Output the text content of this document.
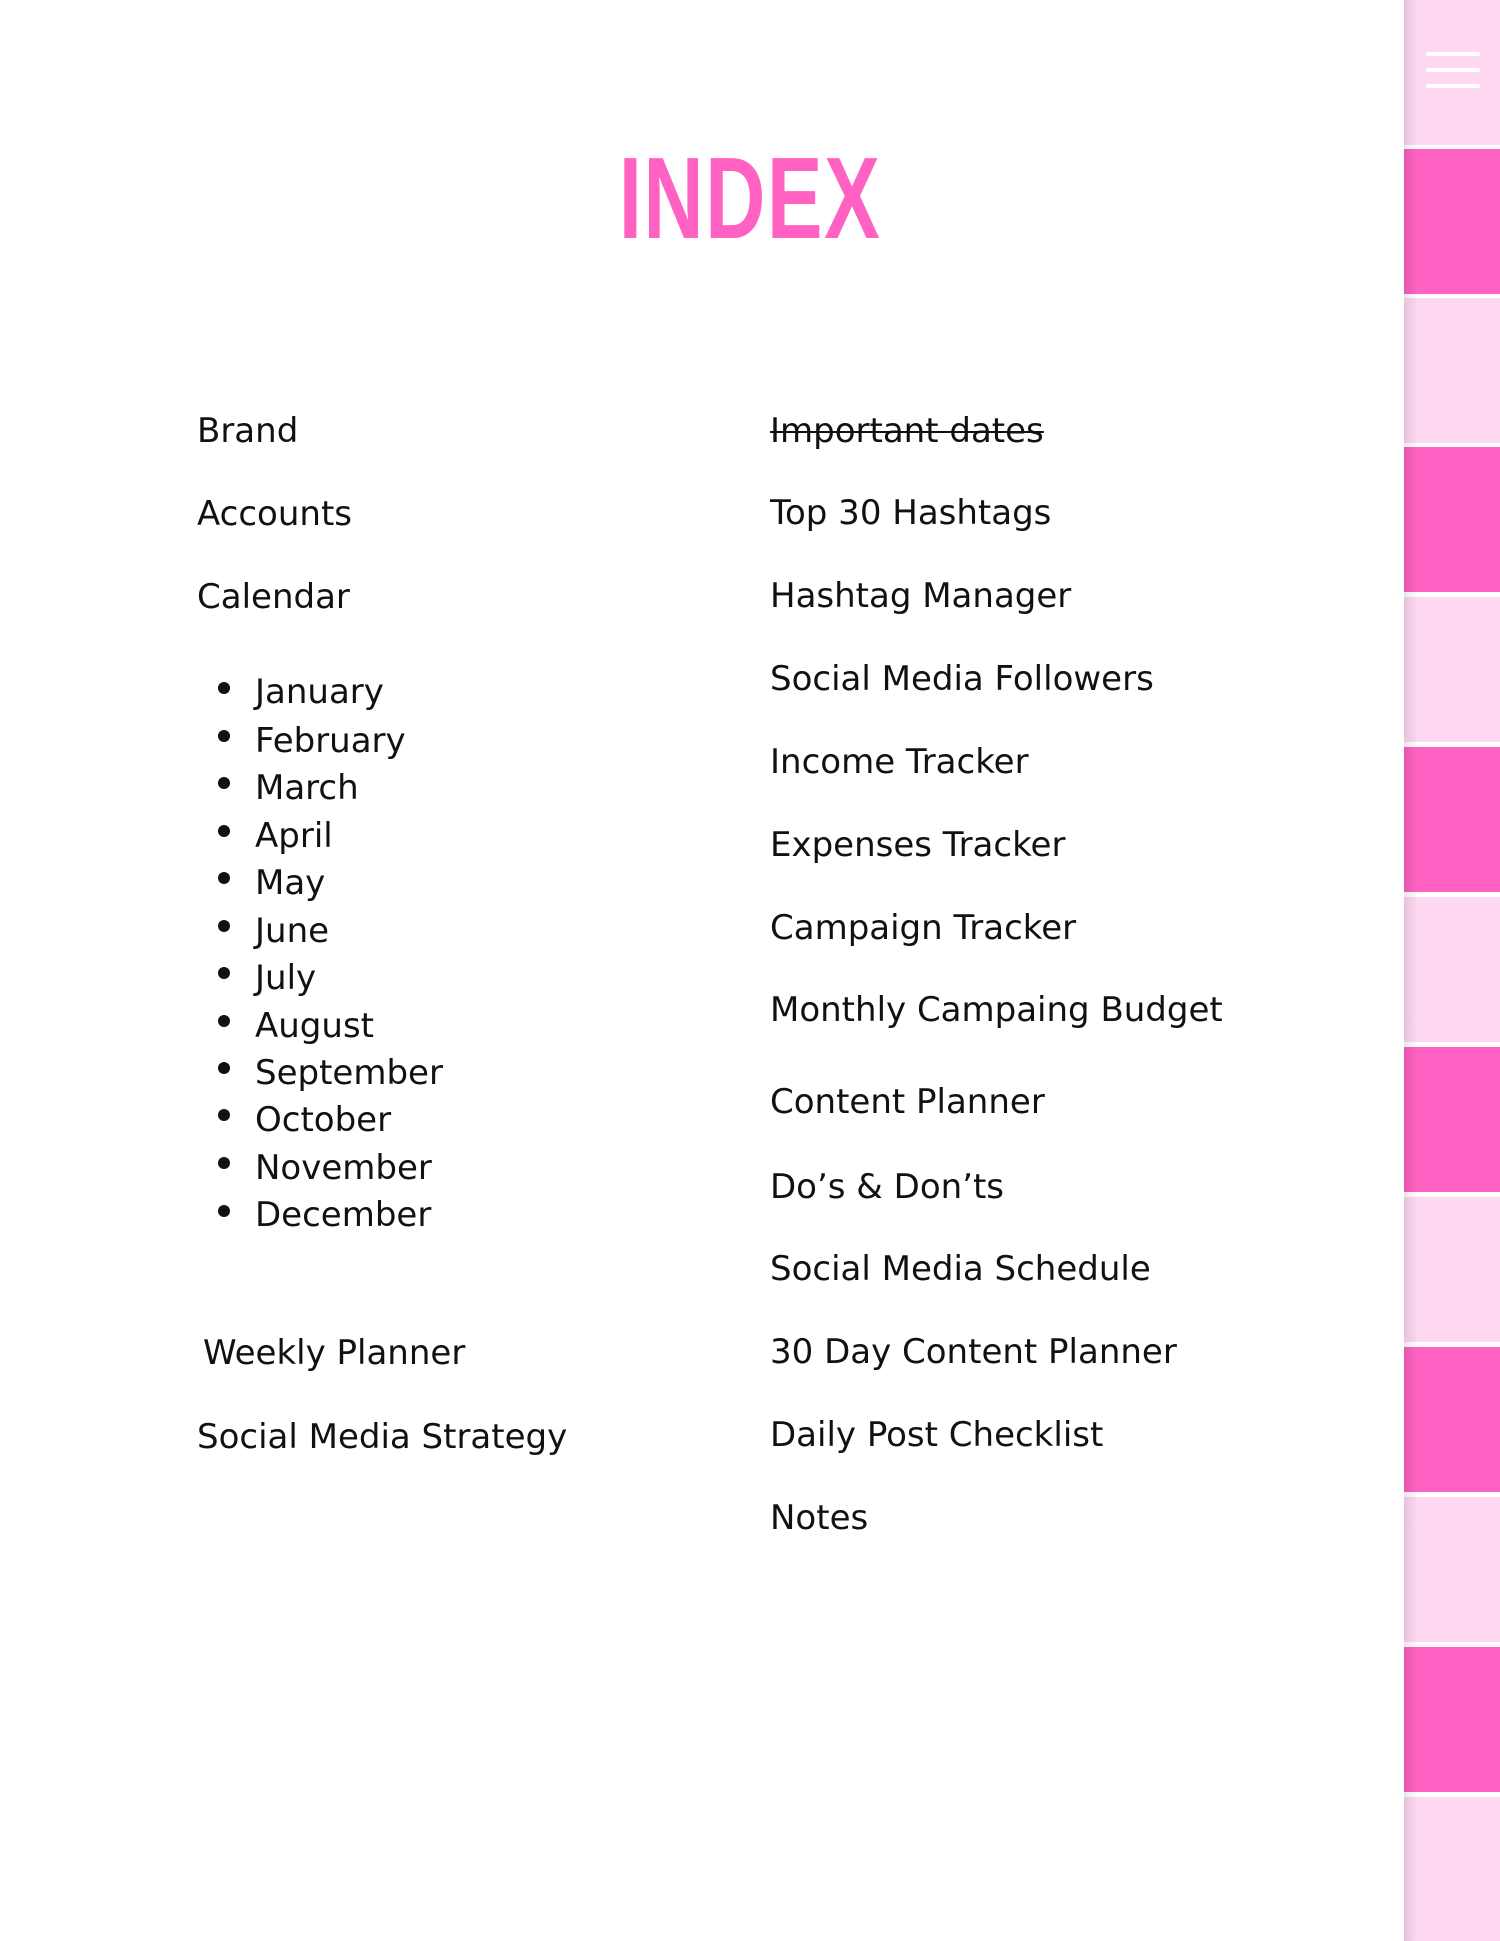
INDEX
Brand
Accounts
Calendar
January
February
March
April
May
June
July
August
September
October
November
December
Weekly Planner
Social Media Strategy
Important dates
Top 30 Hashtags
Hashtag Manager
Social Media Followers
Income Tracker
Expenses Tracker
Campaign Tracker
Monthly Campaing Budget
Content Planner
Do’s & Don’ts
Social Media Schedule
30 Day Content Planner
Daily Post Checklist
Notes
